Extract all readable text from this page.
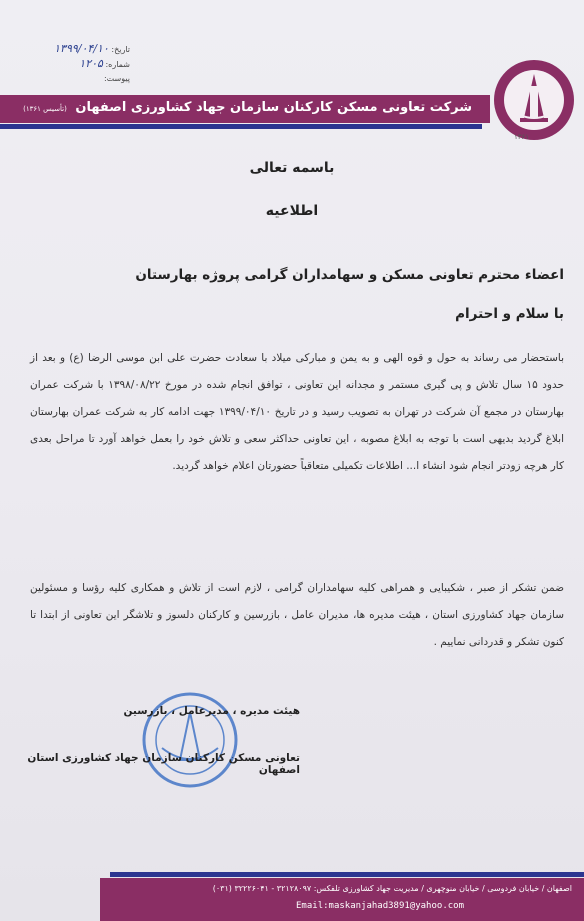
تاریخ: ۱۳۹۹/۰۴/۱۰
شماره: ۱۲۰۵
پیوست:
شرکت تعاونی مسکن کارکنان سازمان جهاد کشاورزی اصفهان (تأسیس ۱۳۶۱)
۱۳۶۱
باسمه تعالی
اطلاعیه
اعضاء محترم تعاونی مسکن و سهامداران گرامی پروژه بهارستان
با سلام و احترام
باستحضار می رساند به حول و قوه الهی و به یمن و مبارکی میلاد با سعادت حضرت علی ابن موسی الرضا (ع) و بعد از حدود ۱۵ سال تلاش و پی گیری مستمر و مجدانه این تعاونی ، توافق انجام شده در مورخ ۱۳۹۸/۰۸/۲۲ با شرکت عمران بهارستان در مجمع آن شرکت در تهران به تصویب رسید و در تاریخ ۱۳۹۹/۰۴/۱۰ جهت ادامه کار به شرکت عمران بهارستان ابلاغ گردید بدیهی است با توجه به ابلاغ مصوبه ، این تعاونی حداکثر سعی و تلاش خود را بعمل خواهد آورد تا مراحل بعدی کار هرچه زودتر انجام شود انشاء ا... اطلاعات تکمیلی متعاقباً حضورتان اعلام خواهد گردید.
ضمن تشکر از صبر ، شکیبایی و همراهی کلیه سهامداران گرامی ، لازم است از تلاش و همکاری کلیه رؤسا و مسئولین سازمان جهاد کشاورزی استان ، هیئت مدیره ها، مدیران عامل ، بازرسین و کارکنان دلسوز و تلاشگر این تعاونی از ابتدا تا کنون تشکر و قدردانی نماییم .
هیئت مدیره ، مدیرعامل ، بازرسین
تعاونی مسکن کارکنان سازمان جهاد کشاورزی استان اصفهان
اصفهان / خیابان فردوسی / خیابان منوچهری / مدیریت جهاد کشاورزی تلفکس: ۳۲۱۲۸۰۹۷ - ۳۲۲۲۶۰۴۱ (۰۳۱)
Email:maskanjahad3891@yahoo.com
